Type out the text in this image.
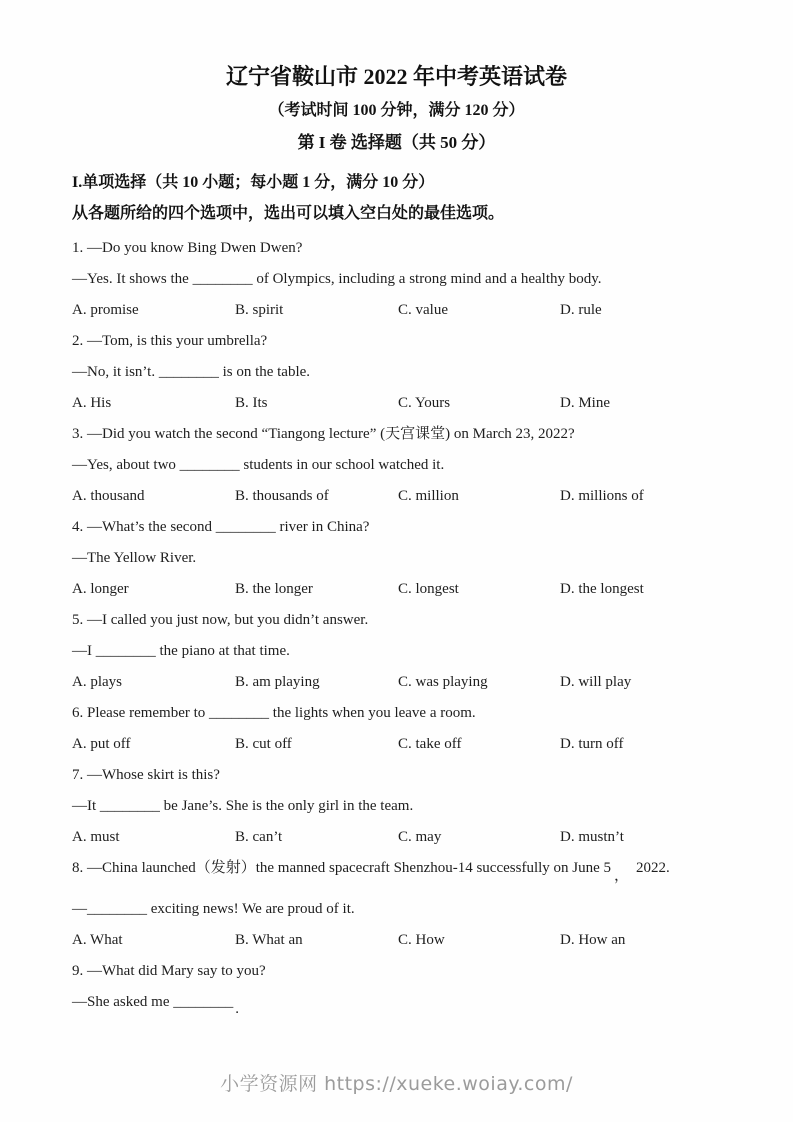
辽宁省鞍山市 2022 年中考英语试卷

（考试时间 100 分钟，满分 120 分）

第 I 卷 选择题（共 50 分）

I.单项选择（共 10 小题；每小题 1 分，满分 10 分）

从各题所给的四个选项中，选出可以填入空白处的最佳选项。

1. —Do you know Bing Dwen Dwen?

—Yes. It shows the ________ of Olympics, including a strong mind and a healthy body.

A. promise	B. spirit	C. value	D. rule

2. —Tom, is this your umbrella?

—No, it isn’t. ________ is on the table.

A. His	B. Its	C. Yours	D. Mine

3. —Did you watch the second “Tiangong lecture” (天宫课堂) on March 23, 2022?

—Yes, about two ________ students in our school watched it.

A. thousand	B. thousands of	C. million	D. millions of

4. —What’s the second ________ river in China?

—The Yellow River.

A. longer	B. the longer	C. longest	D. the longest

5. —I called you just now, but you didn’t answer.

—I ________ the piano at that time.

A. plays	B. am playing	C. was playing	D. will play

6. Please remember to ________ the lights when you leave a room.

A. put off	B. cut off	C. take off	D. turn off

7. —Whose skirt is this?

—It ________ be Jane’s. She is the only girl in the team.

A. must	B. can’t	C. may	D. mustn’t

8. —China launched（发射）the manned spacecraft Shenzhou-14 successfully on June 5 ， 2022.

—________ exciting news! We are proud of it.

A. What	B. What an	C. How	D. How an

9. —What did Mary say to you?

—She asked me ________ .

小学资源网 https://xueke.woiay.com/
